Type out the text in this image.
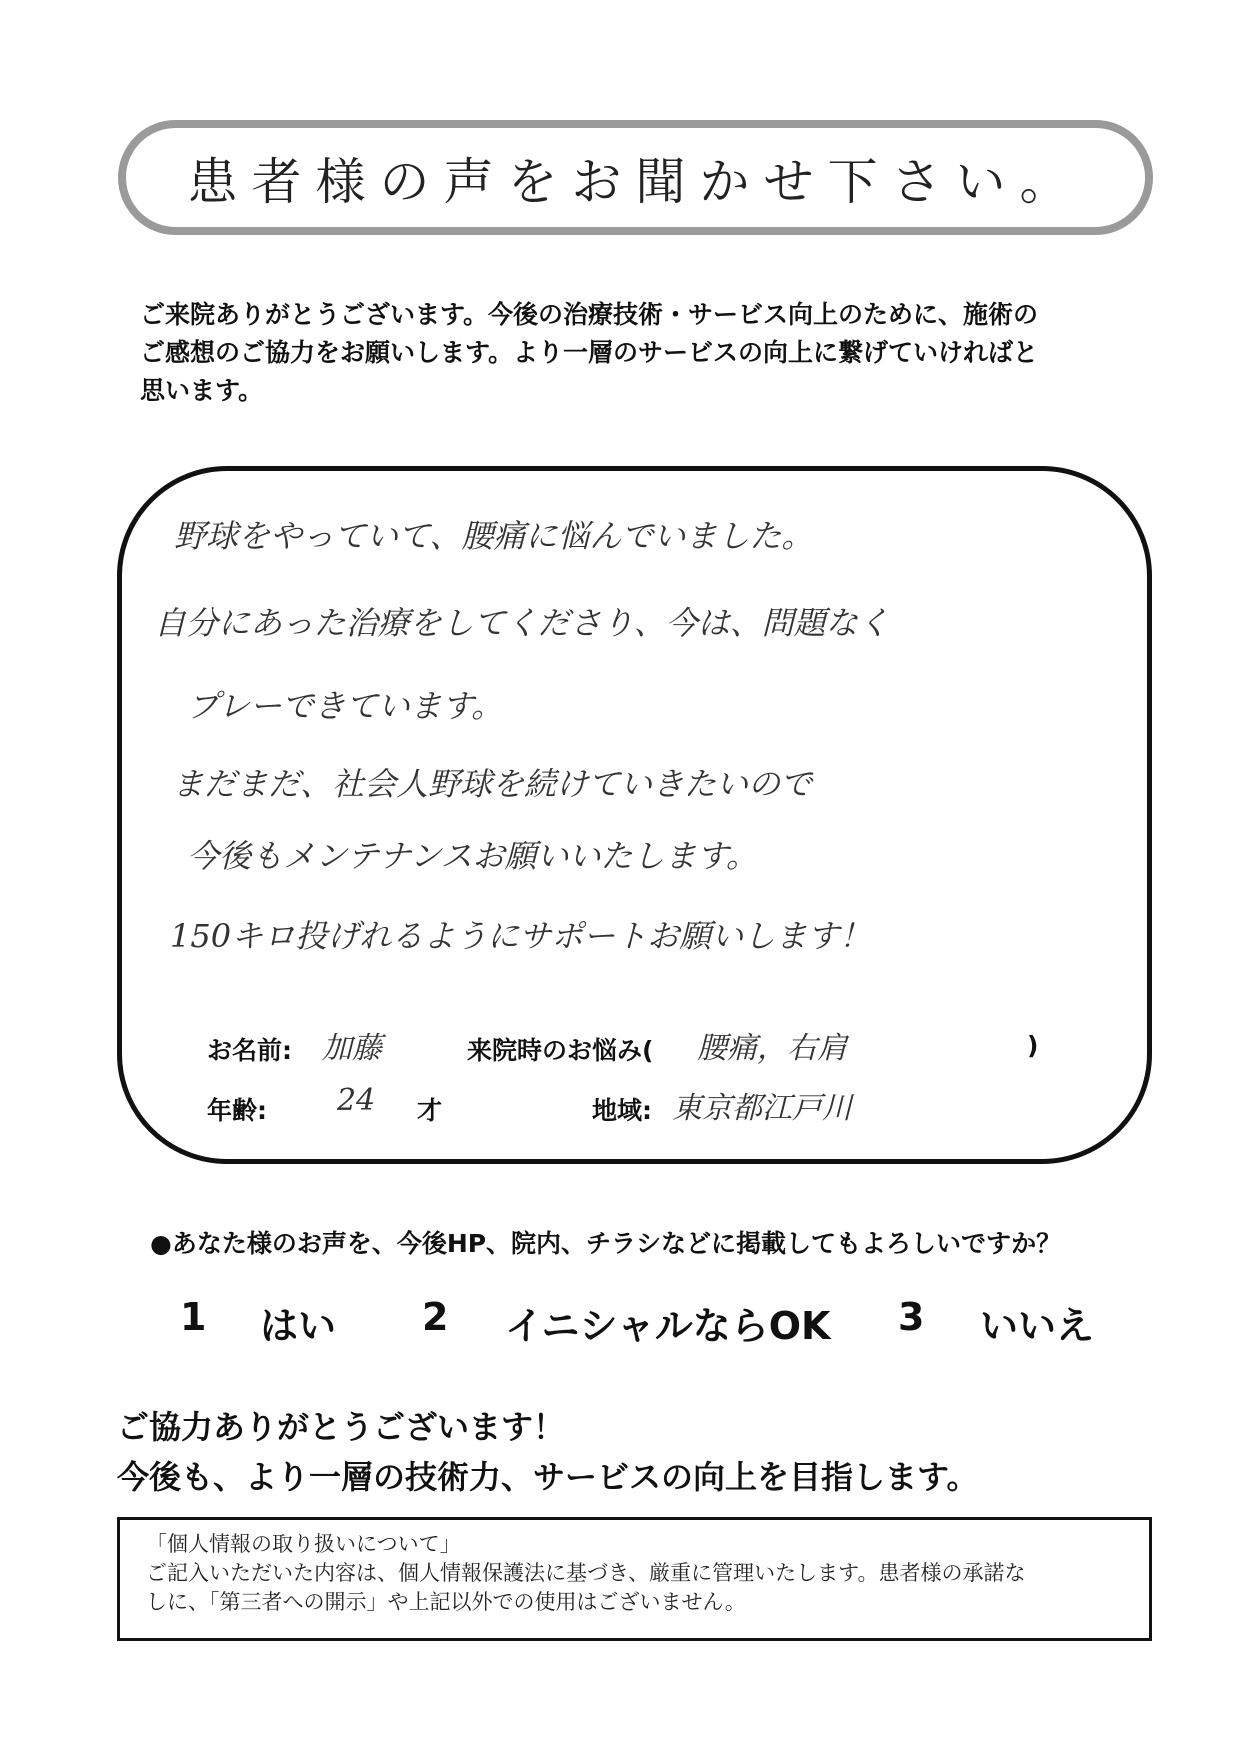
患者様の声をお聞かせ下さい。
ご来院ありがとうございます。今後の治療技術・サービス向上のために、施術の
ご感想のご協力をお願いします。より一層のサービスの向上に繋げていければと
思います。
野球をやっていて、腰痛に悩んでいました。
自分にあった治療をしてくださり、今は、問題なく
プレーできています。
まだまだ、社会人野球を続けていきたいので
今後もメンテナンスお願いいたします。
150キロ投げれるようにサポートお願いします！
お名前: 加藤	来院時のお悩み( 腰痛，右肩	)
年齢: 24 才	地域: 東京都江戸川
●あなた様のお声を、今後HP、院内、チラシなどに掲載してもよろしいですか？
1 はい 2 イニシャルならOK 3 いいえ
ご協力ありがとうございます！
今後も、より一層の技術力、サービスの向上を目指します。
「個人情報の取り扱いについて」
ご記入いただいた内容は、個人情報保護法に基づき、厳重に管理いたします。患者様の承諾な
しに、「第三者への開示」や上記以外での使用はございません。
